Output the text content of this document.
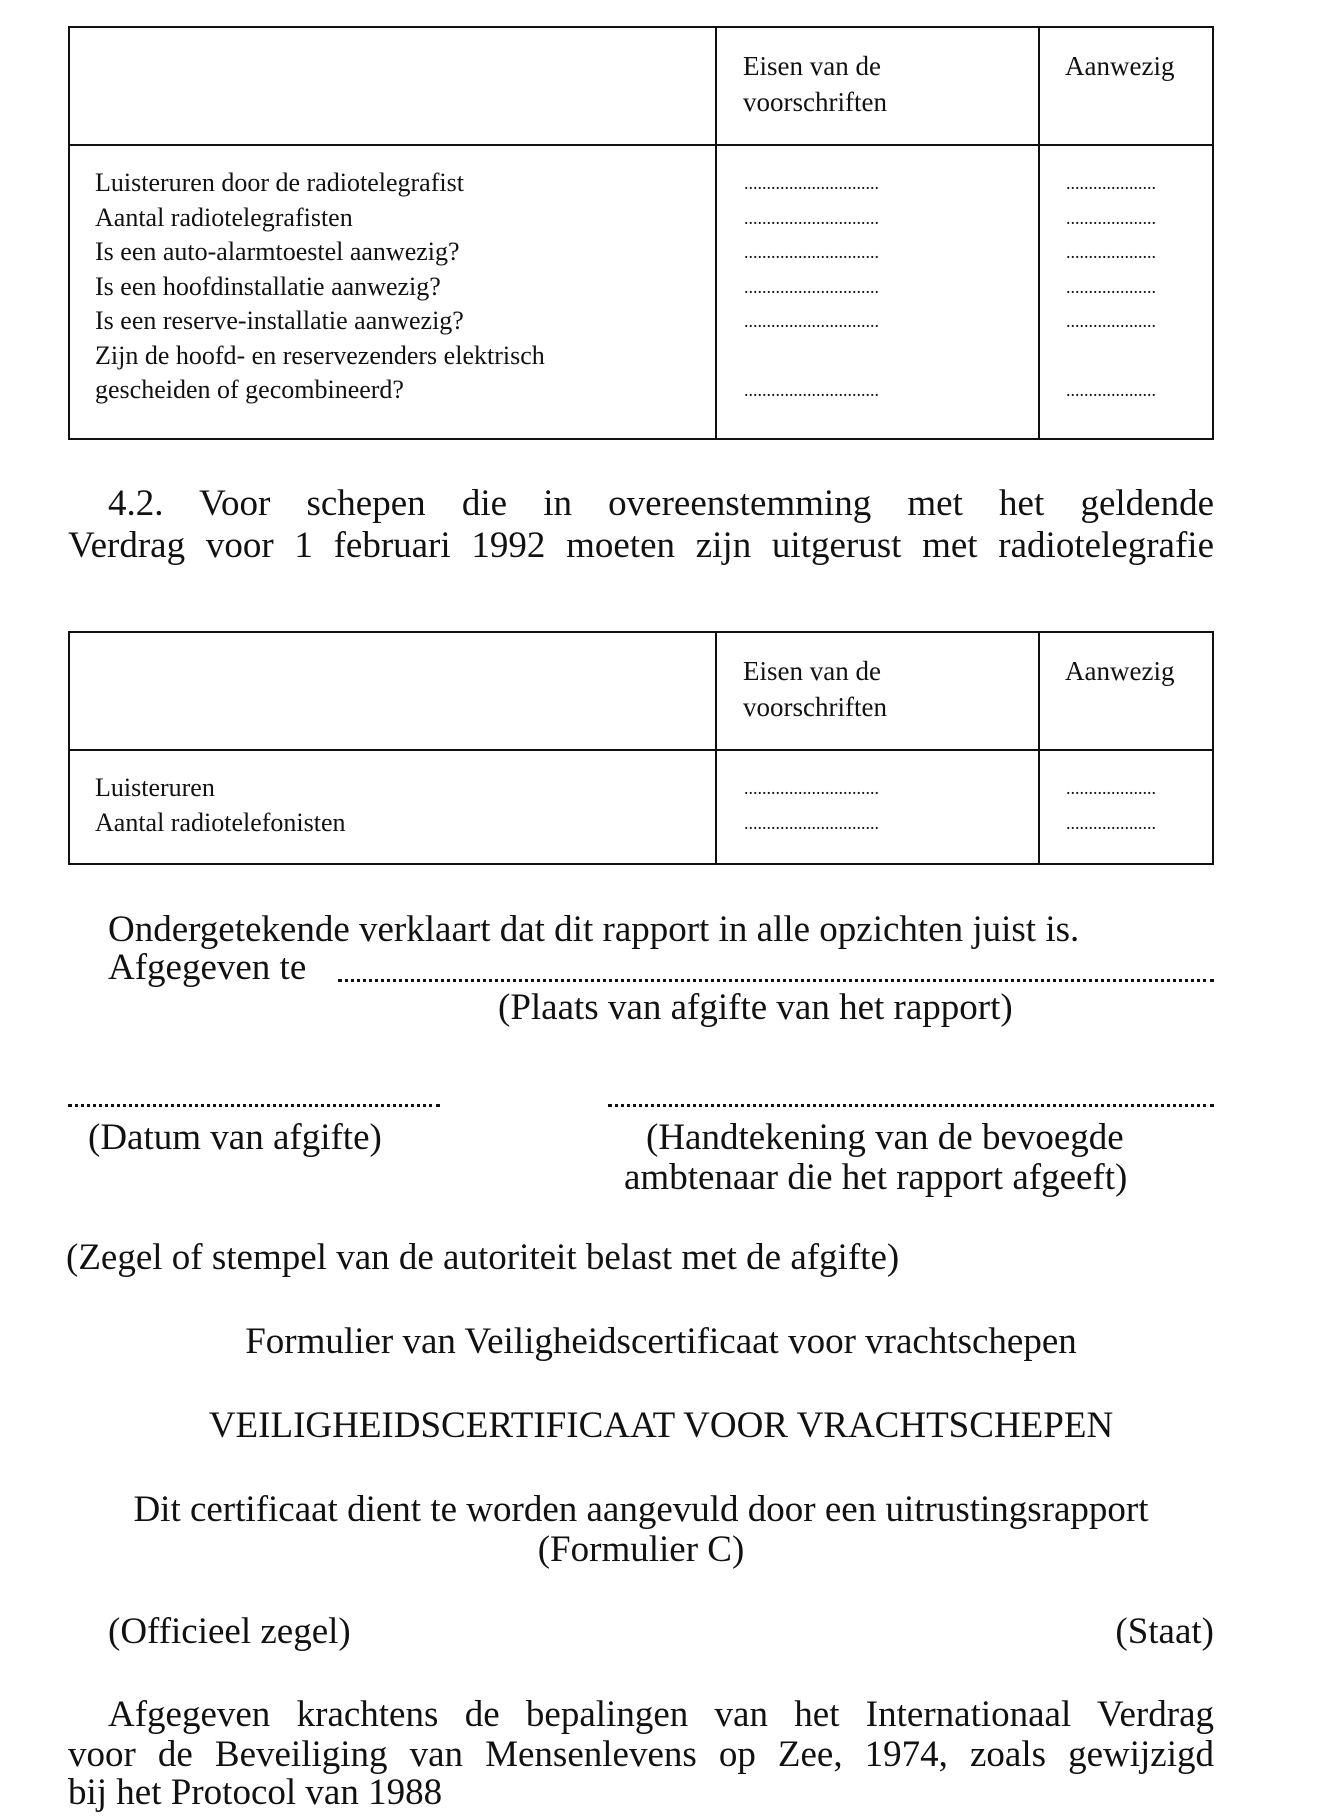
Eisen van de voorschriften
Aanwezig
Luisteruren door de radiotelegrafist
Aantal radiotelegrafisten
Is een auto-alarmtoestel aanwezig?
Is een hoofdinstallatie aanwezig?
Is een reserve-installatie aanwezig?
Zijn de hoofd- en reservezenders elektrisch
gescheiden of gecombineerd?
..............................
..............................
..............................
..............................
..............................
..............................
....................
....................
....................
....................
....................
....................
4.2. Voor schepen die in overeenstemming met het geldende
Verdrag voor 1 februari 1992 moeten zijn uitgerust met radiotelegrafie
Eisen van de voorschriften
Aanwezig
Luisteruren
Aantal radiotelefonisten
..............................
..............................
....................
....................
Ondergetekende verklaart dat dit rapport in alle opzichten juist is.
Afgegeven te
(Plaats van afgifte van het rapport)
(Datum van afgifte)	(Handtekening van de bevoegde
ambtenaar die het rapport afgeeft)
(Zegel of stempel van de autoriteit belast met de afgifte)
Formulier van Veiligheidscertificaat voor vrachtschepen
VEILIGHEIDSCERTIFICAAT VOOR VRACHTSCHEPEN
Dit certificaat dient te worden aangevuld door een uitrustingsrapport
(Formulier C)
(Officieel zegel)	(Staat)
Afgegeven krachtens de bepalingen van het Internationaal Verdrag
voor de Beveiliging van Mensenlevens op Zee, 1974, zoals gewijzigd
bij het Protocol van 1988
